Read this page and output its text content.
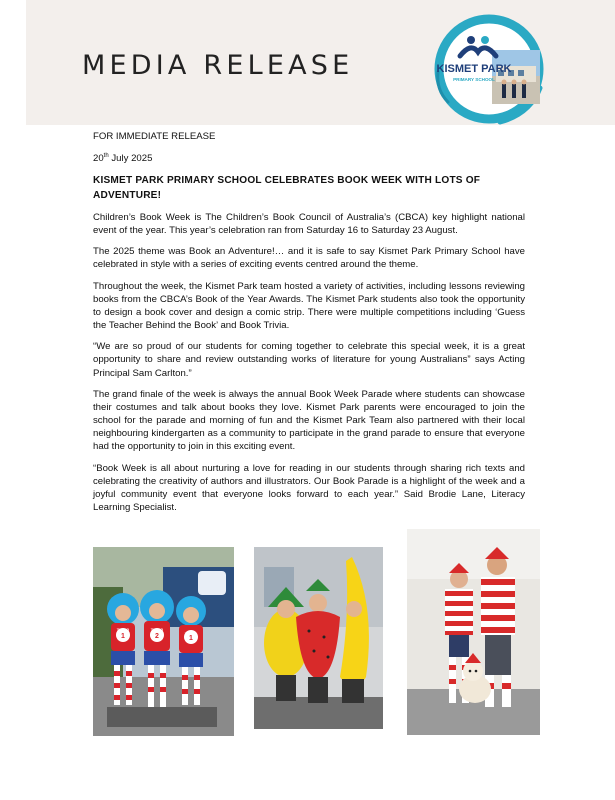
MEDIA RELEASE	KISMET PARK
PRIMARY SCHOOL

FOR IMMEDIATE RELEASE

20th July 2025

KISMET PARK PRIMARY SCHOOL CELEBRATES BOOK WEEK WITH LOTS OF ADVENTURE!

Children’s Book Week is The Children’s Book Council of Australia’s (CBCA) key highlight national event of the year. This year’s celebration ran from Saturday 16 to Saturday 23 August.

The 2025 theme was Book an Adventure!… and it is safe to say Kismet Park Primary School have celebrated in style with a series of exciting events centred around the theme.

Throughout the week, the Kismet Park team hosted a variety of activities, including lessons reviewing books from the CBCA’s Book of the Year Awards. The Kismet Park students also took the opportunity to design a book cover and design a comic strip. There were multiple competitions including ‘Guess the Teacher Behind the Book’ and Book Trivia.

“We are so proud of our students for coming together to celebrate this special week, it is a great opportunity to share and review outstanding works of literature for young Australians” says Acting Principal Sam Carlton.”

The grand finale of the week is always the annual Book Week Parade where students can showcase their costumes and talk about books they love. Kismet Park parents were encouraged to join the school for the parade and morning of fun and the Kismet Park Team also partnered with their local neighbouring kindergarten as a community to participate in the grand parade to ensure that everyone had the opportunity to join in this exciting event.

“Book Week is all about nurturing a love for reading in our students through sharing rich texts and celebrating the creativity of authors and illustrators. Our Book Parade is a highlight of the week and a joyful community event that everyone looks forward to each year.” Said Brodie Lane, Literacy Learning Specialist.

THING	THING
THING
1	2	1
